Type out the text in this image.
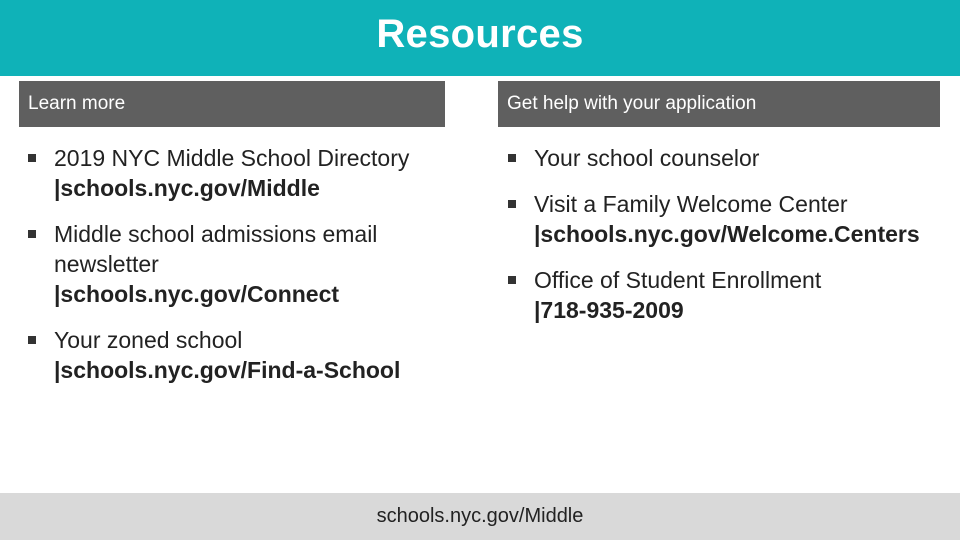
Resources
Learn more	Get help with your application
2019 NYC Middle School Directory
|schools.nyc.gov/Middle
Middle school admissions email
newsletter
|schools.nyc.gov/Connect
Your zoned school
|schools.nyc.gov/Find-a-School
Your school counselor
Visit a Family Welcome Center
|schools.nyc.gov/Welcome.Centers
Office of Student Enrollment
|718-935-2009
schools.nyc.gov/Middle
